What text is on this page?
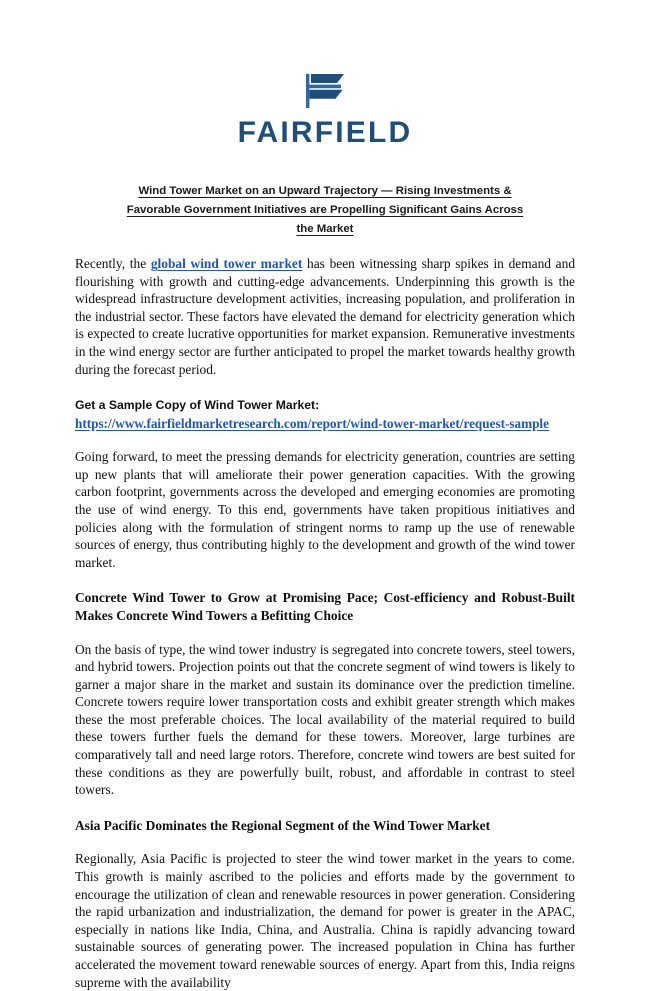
FAIRFIELD
Wind Tower Market on an Upward Trajectory — Rising Investments &
Favorable Government Initiatives are Propelling Significant Gains Across
the Market

Recently, the global wind tower market has been witnessing sharp spikes in demand and flourishing with growth and cutting-edge advancements. Underpinning this growth is the widespread infrastructure development activities, increasing population, and proliferation in the industrial sector. These factors have elevated the demand for electricity generation which is expected to create lucrative opportunities for market expansion. Remunerative investments in the wind energy sector are further anticipated to propel the market towards healthy growth during the forecast period.

Get a Sample Copy of Wind Tower Market:
https://www.fairfieldmarketresearch.com/report/wind-tower-market/request-sample

Going forward, to meet the pressing demands for electricity generation, countries are setting up new plants that will ameliorate their power generation capacities. With the growing carbon footprint, governments across the developed and emerging economies are promoting the use of wind energy. To this end, governments have taken propitious initiatives and policies along with the formulation of stringent norms to ramp up the use of renewable sources of energy, thus contributing highly to the development and growth of the wind tower market.

Concrete Wind Tower to Grow at Promising Pace; Cost-efficiency and Robust-Built Makes Concrete Wind Towers a Befitting Choice

On the basis of type, the wind tower industry is segregated into concrete towers, steel towers, and hybrid towers. Projection points out that the concrete segment of wind towers is likely to garner a major share in the market and sustain its dominance over the prediction timeline. Concrete towers require lower transportation costs and exhibit greater strength which makes these the most preferable choices. The local availability of the material required to build these towers further fuels the demand for these towers. Moreover, large turbines are comparatively tall and need large rotors. Therefore, concrete wind towers are best suited for these conditions as they are powerfully built, robust, and affordable in contrast to steel towers.

Asia Pacific Dominates the Regional Segment of the Wind Tower Market

Regionally, Asia Pacific is projected to steer the wind tower market in the years to come. This growth is mainly ascribed to the policies and efforts made by the government to encourage the utilization of clean and renewable resources in power generation. Considering the rapid urbanization and industrialization, the demand for power is greater in the APAC, especially in nations like India, China, and Australia. China is rapidly advancing toward sustainable sources of generating power. The increased population in China has further accelerated the movement toward renewable sources of energy. Apart from this, India reigns supreme with the availability
